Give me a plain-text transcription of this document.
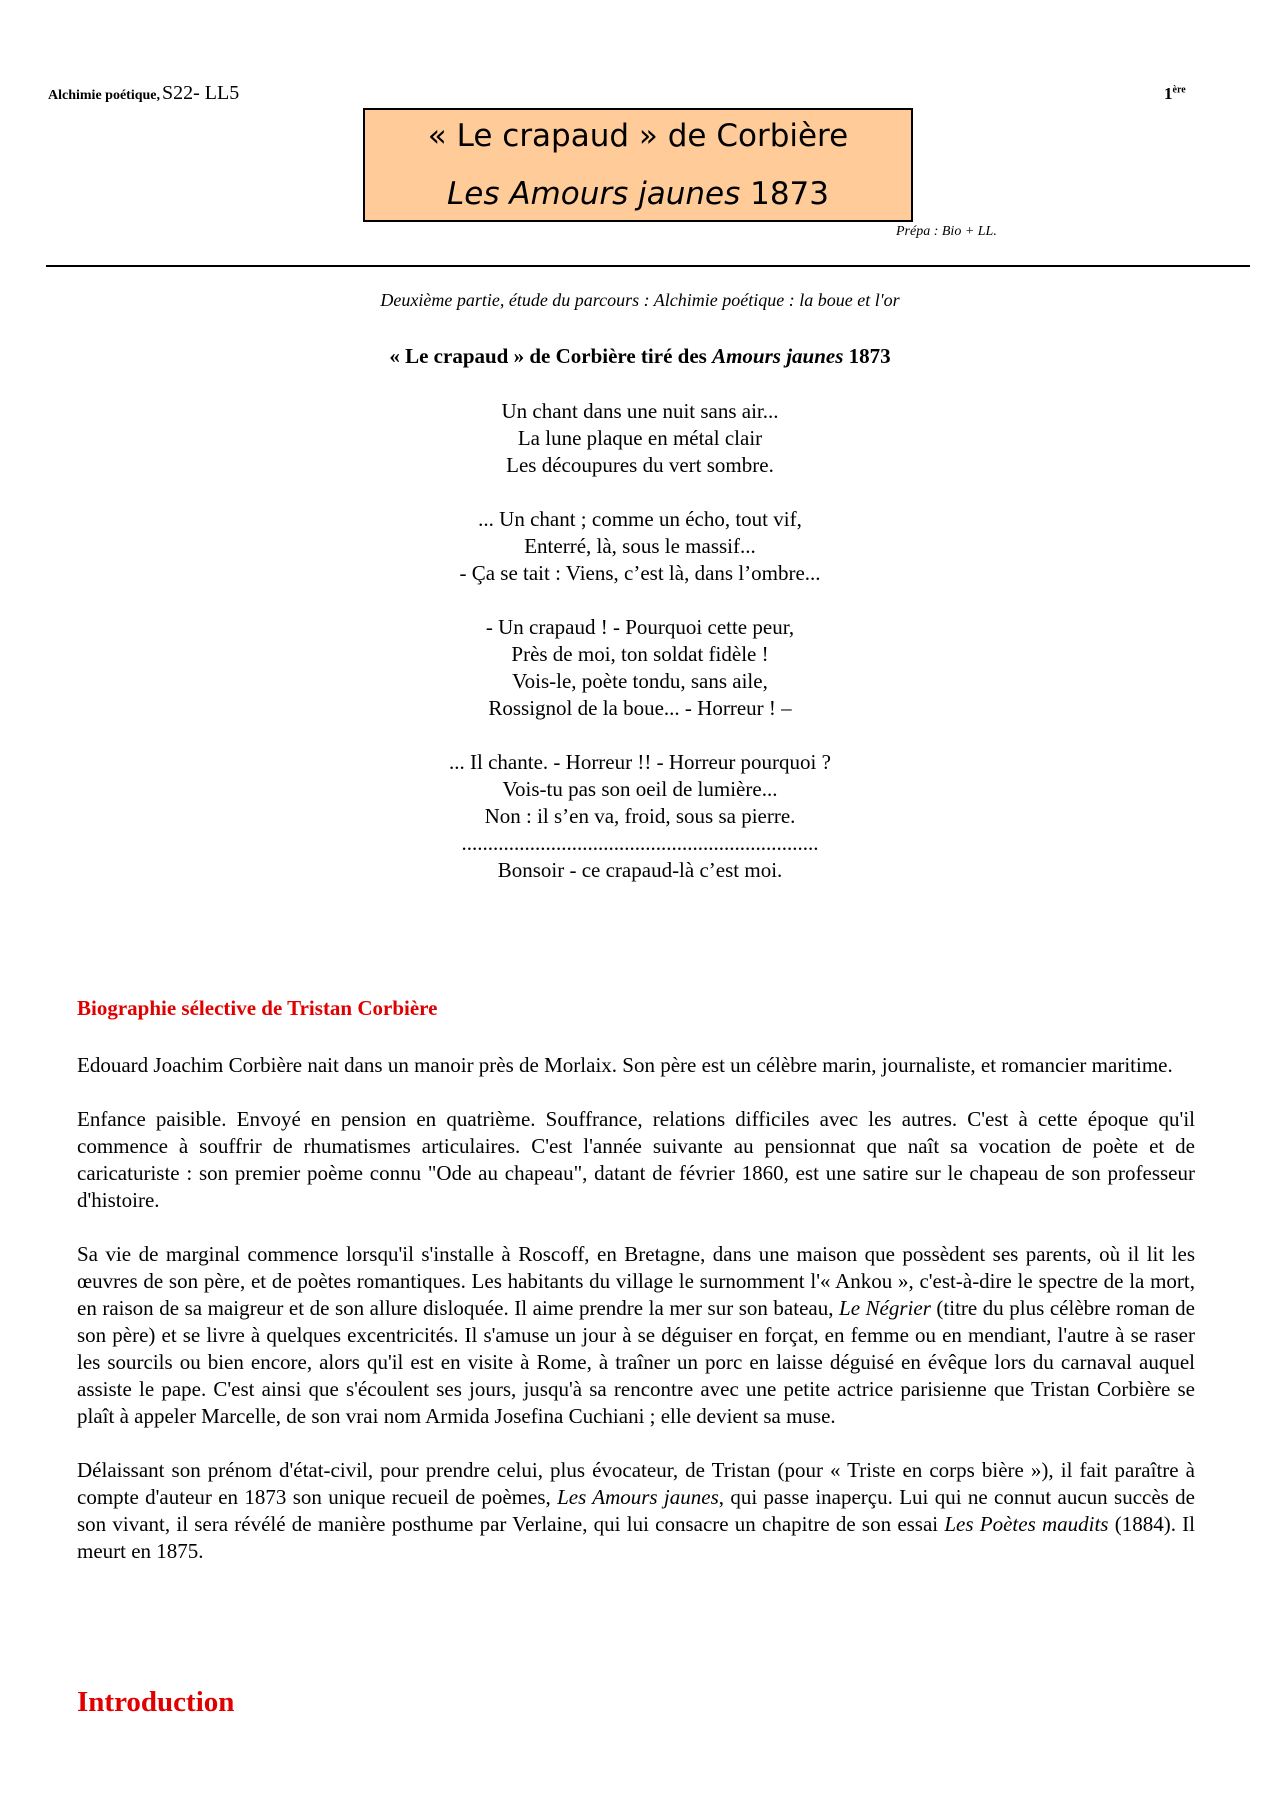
Alchimie poétique, S22- LL5	1ère
« Le crapaud » de Corbière
Les Amours jaunes 1873
Prépa : Bio + LL.
Deuxième partie, étude du parcours : Alchimie poétique : la boue et l'or
« Le crapaud » de Corbière tiré des Amours jaunes 1873
Un chant dans une nuit sans air...
La lune plaque en métal clair
Les découpures du vert sombre.
... Un chant ; comme un écho, tout vif,
Enterré, là, sous le massif...
- Ça se tait : Viens, c’est là, dans l’ombre...
- Un crapaud ! - Pourquoi cette peur,
Près de moi, ton soldat fidèle !
Vois-le, poète tondu, sans aile,
Rossignol de la boue... - Horreur ! –
... Il chante. - Horreur !! - Horreur pourquoi ?
Vois-tu pas son oeil de lumière...
Non : il s’en va, froid, sous sa pierre.
....................................................................
Bonsoir - ce crapaud-là c’est moi.
Biographie sélective de Tristan Corbière

Edouard Joachim Corbière nait dans un manoir près de Morlaix. Son père est un célèbre marin, journaliste, et romancier maritime.

Enfance paisible. Envoyé en pension en quatrième. Souffrance, relations difficiles avec les autres. C'est à cette époque qu'il commence à souffrir de rhumatismes articulaires. C'est l'année suivante au pensionnat que naît sa vocation de poète et de caricaturiste : son premier poème connu "Ode au chapeau", datant de février 1860, est une satire sur le chapeau de son professeur d'histoire.

Sa vie de marginal commence lorsqu'il s'installe à Roscoff, en Bretagne, dans une maison que possèdent ses parents, où il lit les œuvres de son père, et de poètes romantiques. Les habitants du village le surnomment l'« Ankou », c'est-à-dire le spectre de la mort, en raison de sa maigreur et de son allure disloquée. Il aime prendre la mer sur son bateau, Le Négrier (titre du plus célèbre roman de son père) et se livre à quelques excentricités. Il s'amuse un jour à se déguiser en forçat, en femme ou en mendiant, l'autre à se raser les sourcils ou bien encore, alors qu'il est en visite à Rome, à traîner un porc en laisse déguisé en évêque lors du carnaval auquel assiste le pape. C'est ainsi que s'écoulent ses jours, jusqu'à sa rencontre avec une petite actrice parisienne que Tristan Corbière se plaît à appeler Marcelle, de son vrai nom Armida Josefina Cuchiani ; elle devient sa muse.

Délaissant son prénom d'état-civil, pour prendre celui, plus évocateur, de Tristan (pour « Triste en corps bière »), il fait paraître à compte d'auteur en 1873 son unique recueil de poèmes, Les Amours jaunes, qui passe inaperçu. Lui qui ne connut aucun succès de son vivant, il sera révélé de manière posthume par Verlaine, qui lui consacre un chapitre de son essai Les Poètes maudits (1884). Il meurt en 1875.

Introduction
